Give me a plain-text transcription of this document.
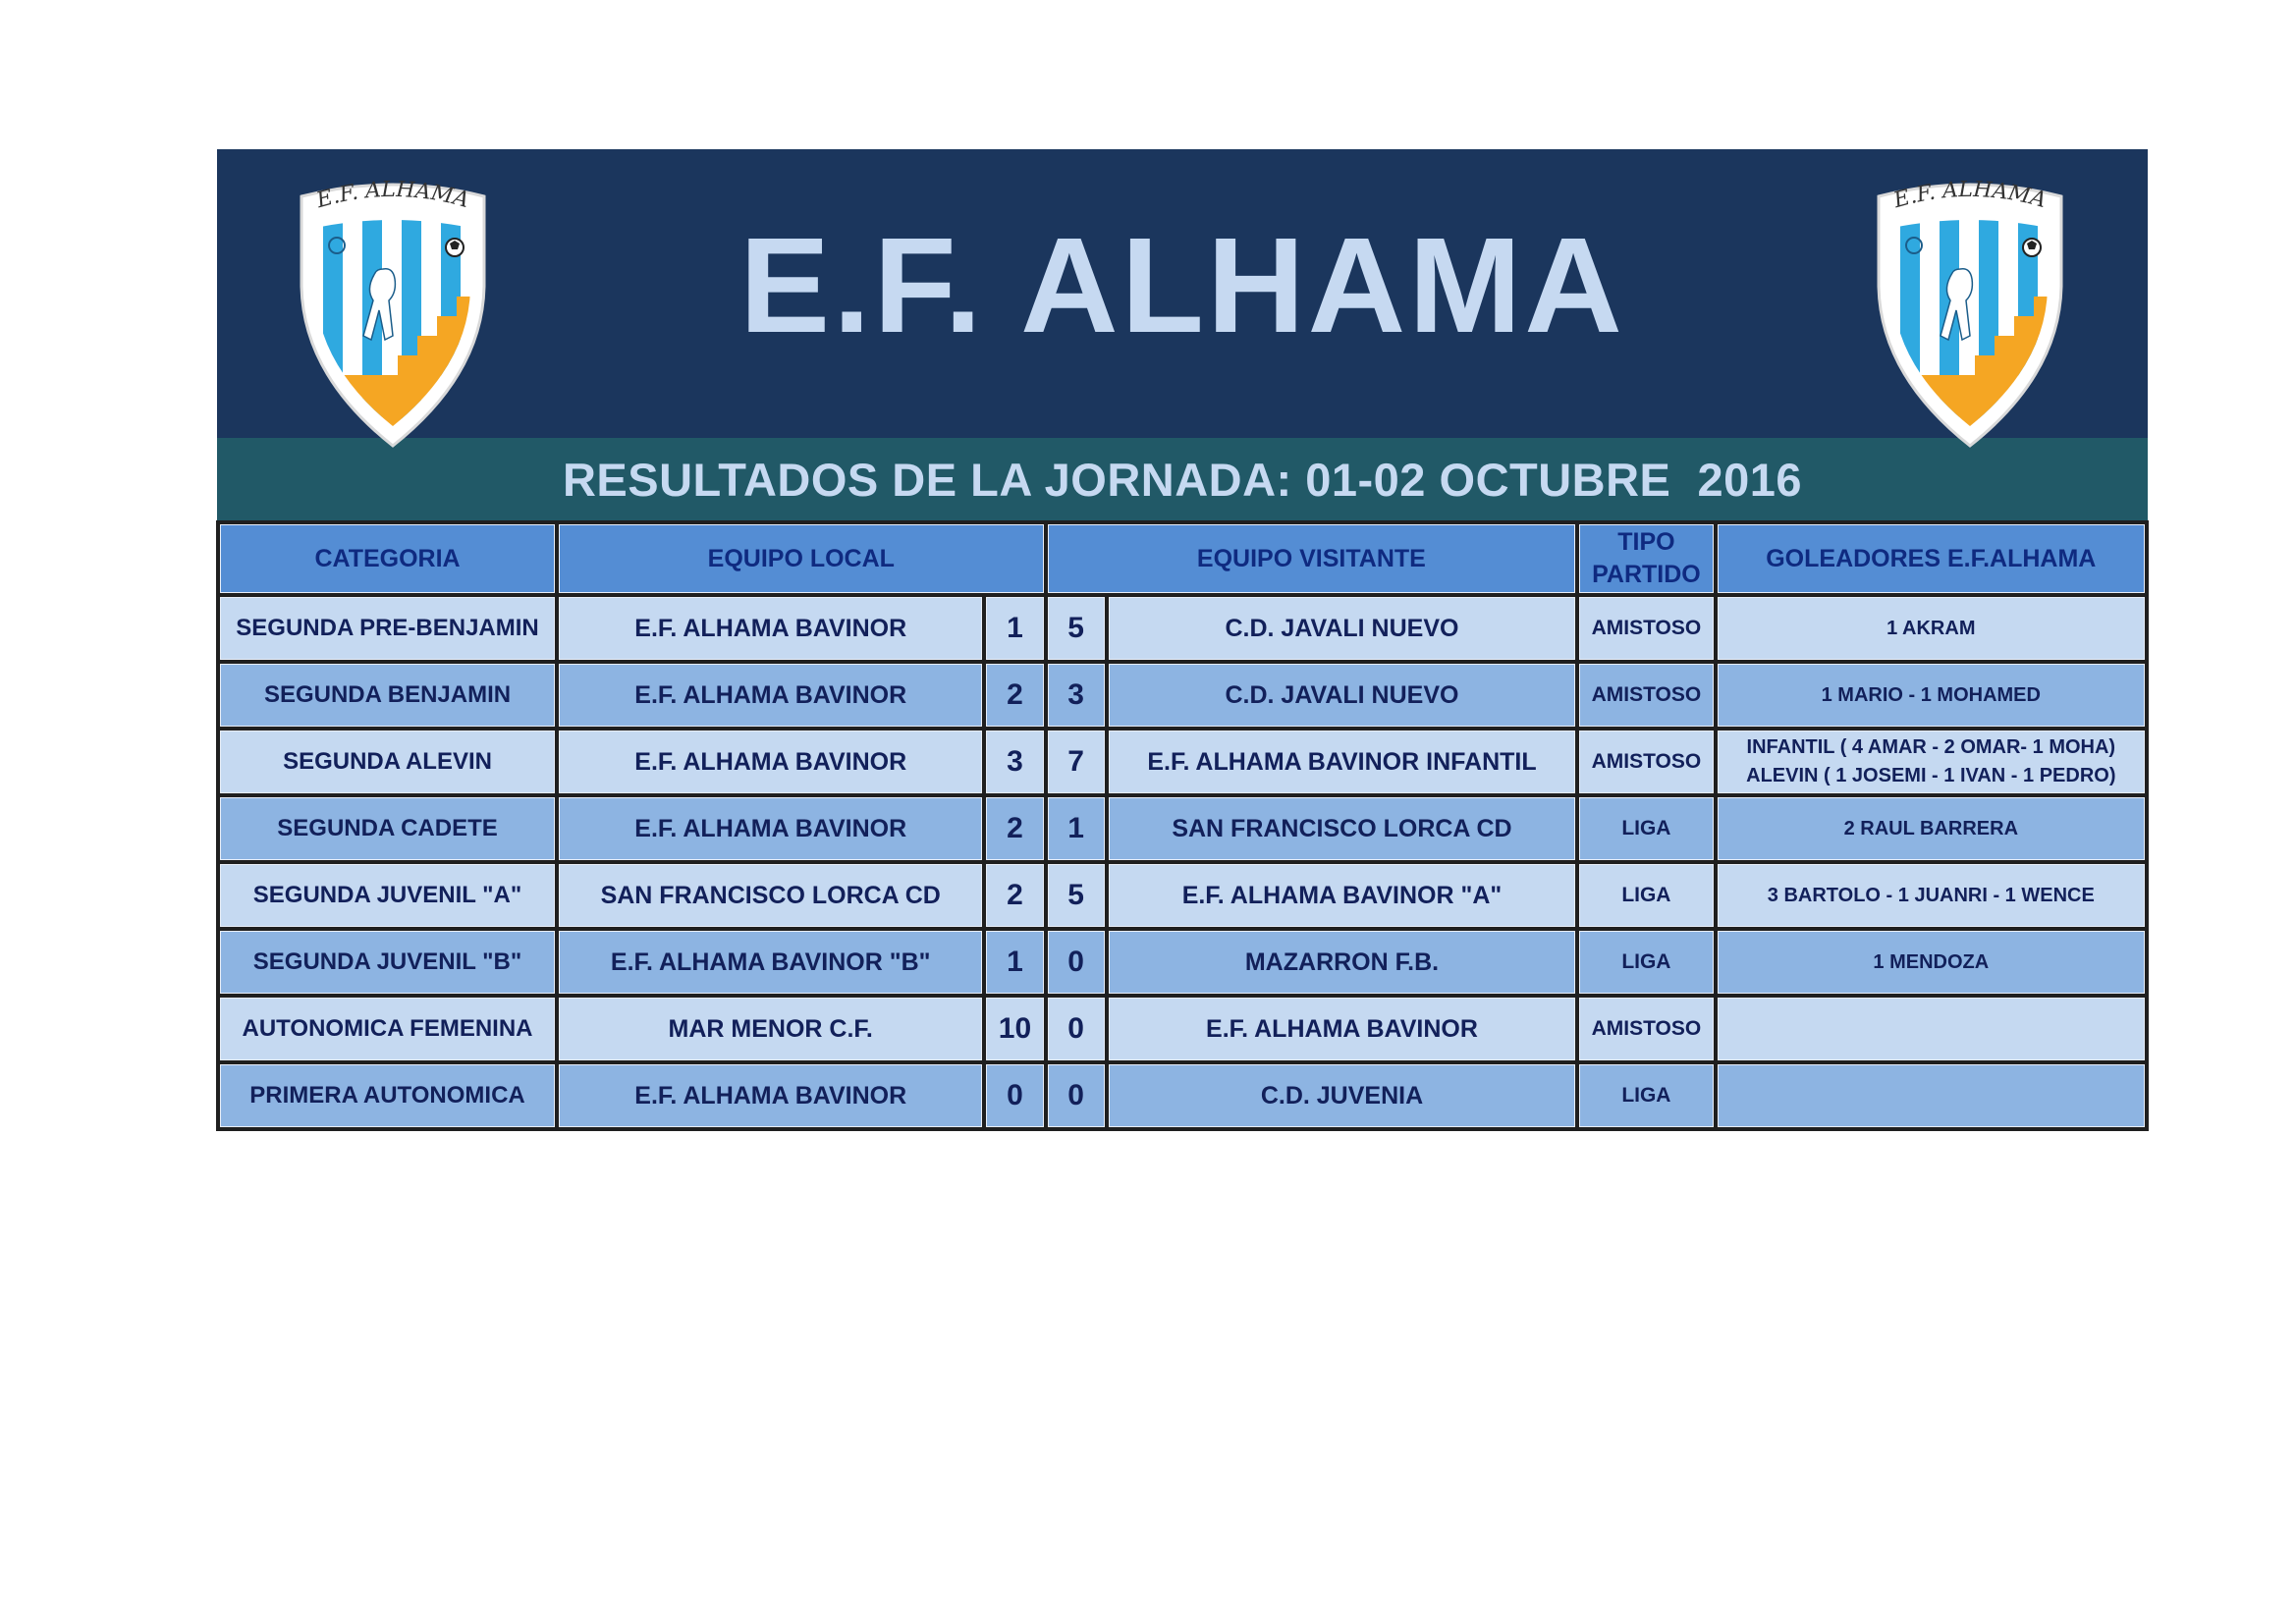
E.F. ALHAMA
RESULTADOS DE LA JORNADA: 01-02 OCTUBRE  2016
E.F. ALHAMA	E.F. ALHAMA
CATEGORIA	EQUIPO LOCAL		EQUIPO VISITANTE		TIPO PARTIDO	GOLEADORES E.F.ALHAMA
SEGUNDA PRE-BENJAMIN	E.F. ALHAMA BAVINOR	1	5	C.D. JAVALI NUEVO	AMISTOSO	1 AKRAM

SEGUNDA BENJAMIN	E.F. ALHAMA BAVINOR	2	3	C.D. JAVALI NUEVO	AMISTOSO	1 MARIO - 1 MOHAMED

SEGUNDA ALEVIN	E.F. ALHAMA BAVINOR	3	7	E.F. ALHAMA BAVINOR INFANTIL	AMISTOSO	INFANTIL ( 4 AMAR - 2 OMAR- 1 MOHA)
ALEVIN ( 1 JOSEMI - 1 IVAN - 1 PEDRO)

SEGUNDA CADETE	E.F. ALHAMA BAVINOR	2	1	SAN FRANCISCO LORCA CD	LIGA	2 RAUL BARRERA

SEGUNDA JUVENIL "A"	SAN FRANCISCO LORCA CD	2	5	E.F. ALHAMA BAVINOR "A"	LIGA	3 BARTOLO - 1 JUANRI - 1 WENCE

SEGUNDA JUVENIL "B"	E.F. ALHAMA BAVINOR "B"	1	0	MAZARRON F.B.	LIGA	1 MENDOZA

AUTONOMICA FEMENINA	MAR MENOR C.F.	10	0	E.F. ALHAMA BAVINOR	AMISTOSO	

PRIMERA AUTONOMICA	E.F. ALHAMA BAVINOR	0	0	C.D. JUVENIA	LIGA	
